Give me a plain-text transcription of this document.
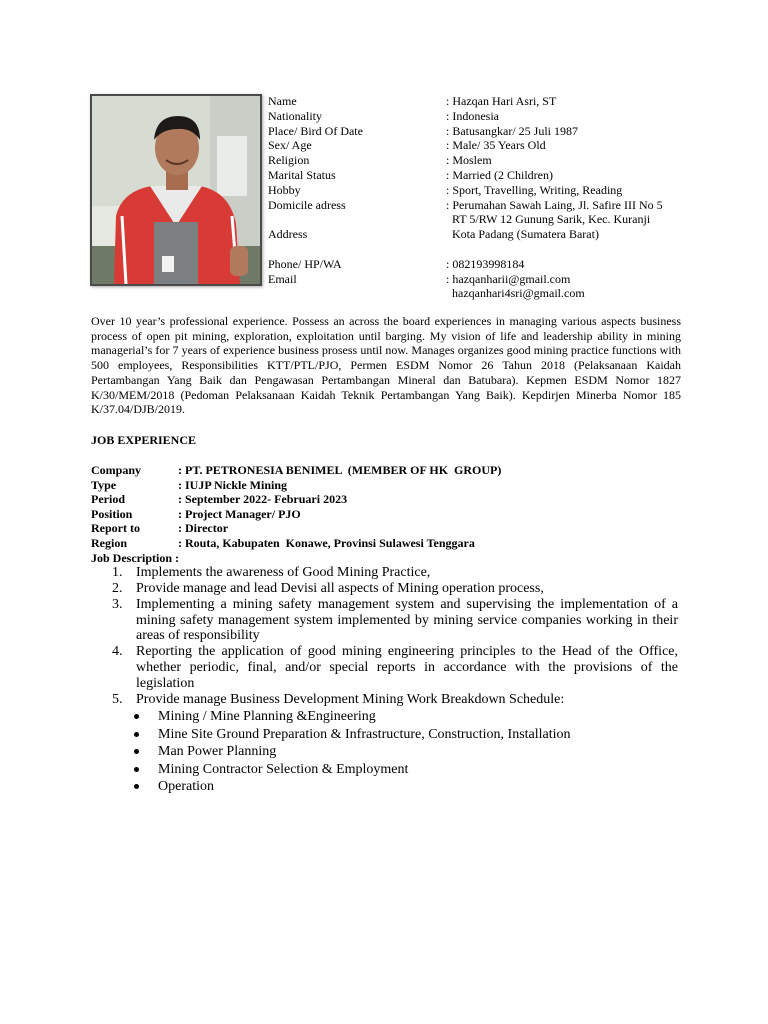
Name	: Hazqan Hari Asri, ST
Nationality	: Indonesia
Place/ Bird Of Date	: Batusangkar/ 25 Juli 1987
Sex/ Age	: Male/ 35 Years Old
Religion	: Moslem
Marital Status	: Married (2 Children)
Hobby	: Sport, Travelling, Writing, Reading
Domicile adress	: Perumahan Sawah Laing, Jl. Safire III No 5
RT 5/RW 12 Gunung Sarik, Kec. Kuranji
Address	Kota Padang (Sumatera Barat)
Phone/ HP/WA	: 082193998184
Email	: hazqanharii@gmail.com
hazqanhari4sri@gmail.com

Over 10 year’s professional experience. Possess an across the board experiences in managing various aspects business process of open pit mining, exploration, exploitation until barging. My vision of life and leadership ability in mining managerial’s for 7 years of experience business prosess until now. Manages organizes good mining practice functions with 500 employees, Responsibilities KTT/PTL/PJO, Permen ESDM Nomor 26 Tahun 2018 (Pelaksanaan Kaidah Pertambangan Yang Baik dan Pengawasan Pertambangan Mineral dan Batubara). Kepmen ESDM Nomor 1827 K/30/MEM/2018 (Pedoman Pelaksanaan Kaidah Teknik Pertambangan Yang Baik). Kepdirjen Minerba Nomor 185 K/37.04/DJB/2019.

JOB EXPERIENCE
Company	: PT. PETRONESIA BENIMEL  (MEMBER OF HK  GROUP)
Type	: IUJP Nickle Mining
Period	: September 2022- Februari 2023
Position	: Project Manager/ PJO
Report to	: Director
Region	: Routa, Kabupaten  Konawe, Provinsi Sulawesi Tenggara
Job Description :
1. Implements the awareness of Good Mining Practice,
2. Provide manage and lead Devisi all aspects of Mining operation process,
3. Implementing a mining safety management system and supervising the implementation of a mining safety management system implemented by mining service companies working in their areas of responsibility
4. Reporting the application of good mining engineering principles to the Head of the Office, whether periodic, final, and/or special reports in accordance with the provisions of the legislation
5. Provide manage Business Development Mining Work Breakdown Schedule:
Mining / Mine Planning &Engineering
Mine Site Ground Preparation & Infrastructure, Construction, Installation
Man Power Planning
Mining Contractor Selection & Employment
Operation
